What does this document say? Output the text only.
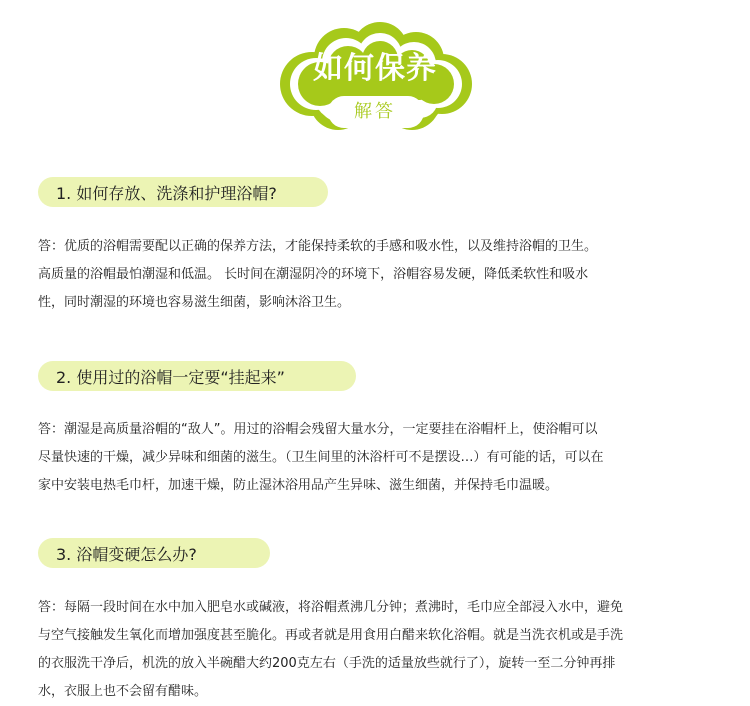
如何保养
解答
1. 如何存放、洗涤和护理浴帽?

答：优质的浴帽需要配以正确的保养方法，才能保持柔软的手感和吸水性，以及维持浴帽的卫生。

高质量的浴帽最怕潮湿和低温。 长时间在潮湿阴冷的环境下，浴帽容易发硬，降低柔软性和吸水

性，同时潮湿的环境也容易滋生细菌，影响沐浴卫生。

2. 使用过的浴帽一定要“挂起来”

答：潮湿是高质量浴帽的“敌人”。用过的浴帽会残留大量水分，一定要挂在浴帽杆上，使浴帽可以

尽量快速的干燥，减少异味和细菌的滋生。（卫生间里的沐浴杆可不是摆设…）有可能的话，可以在

家中安装电热毛巾杆，加速干燥，防止湿沐浴用品产生异味、滋生细菌，并保持毛巾温暖。

3. 浴帽变硬怎么办?

答：每隔一段时间在水中加入肥皂水或碱液，将浴帽煮沸几分钟；煮沸时，毛巾应全部浸入水中，避免

与空气接触发生氧化而增加强度甚至脆化。再或者就是用食用白醋来软化浴帽。就是当洗衣机或是手洗

的衣服洗干净后，机洗的放入半碗醋大约200克左右（手洗的适量放些就行了），旋转一至二分钟再排

水，衣服上也不会留有醋味。
